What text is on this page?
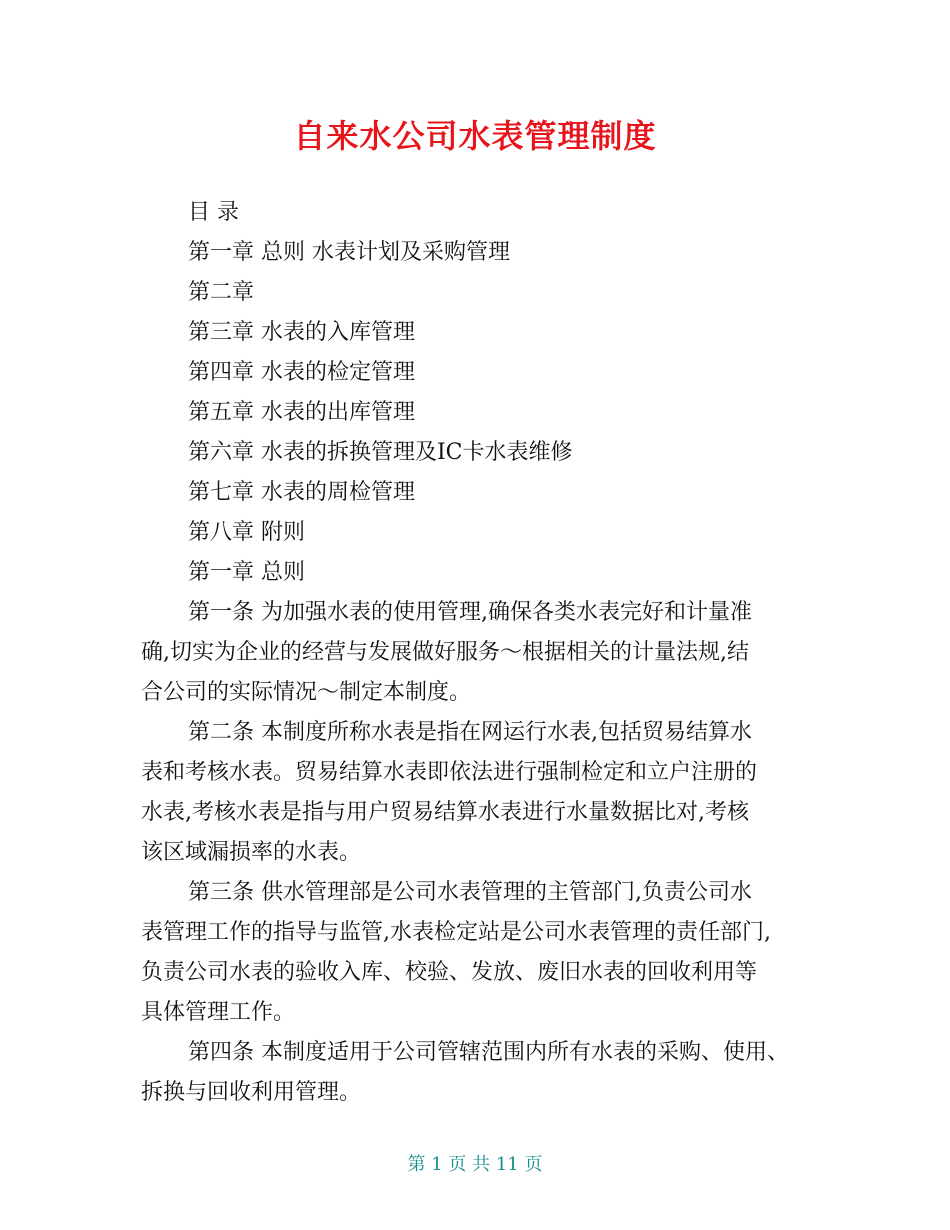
自来水公司水表管理制度
目 录
第一章 总则 水表计划及采购管理
第二章
第三章 水表的入库管理
第四章 水表的检定管理
第五章 水表的出库管理
第六章 水表的拆换管理及IC卡水表维修
第七章 水表的周检管理
第八章 附则
第一章 总则

第一条 为加强水表的使用管理,确保各类水表完好和计量准
确,切实为企业的经营与发展做好服务～根据相关的计量法规,结
合公司的实际情况～制定本制度。

第二条 本制度所称水表是指在网运行水表,包括贸易结算水
表和考核水表。贸易结算水表即依法进行强制检定和立户注册的
水表,考核水表是指与用户贸易结算水表进行水量数据比对,考核
该区域漏损率的水表。

第三条 供水管理部是公司水表管理的主管部门,负责公司水
表管理工作的指导与监管,水表检定站是公司水表管理的责任部门,
负责公司水表的验收入库、校验、发放、废旧水表的回收利用等
具体管理工作。

第四条 本制度适用于公司管辖范围内所有水表的采购、使用、
拆换与回收利用管理。

第 1 页 共 11 页
